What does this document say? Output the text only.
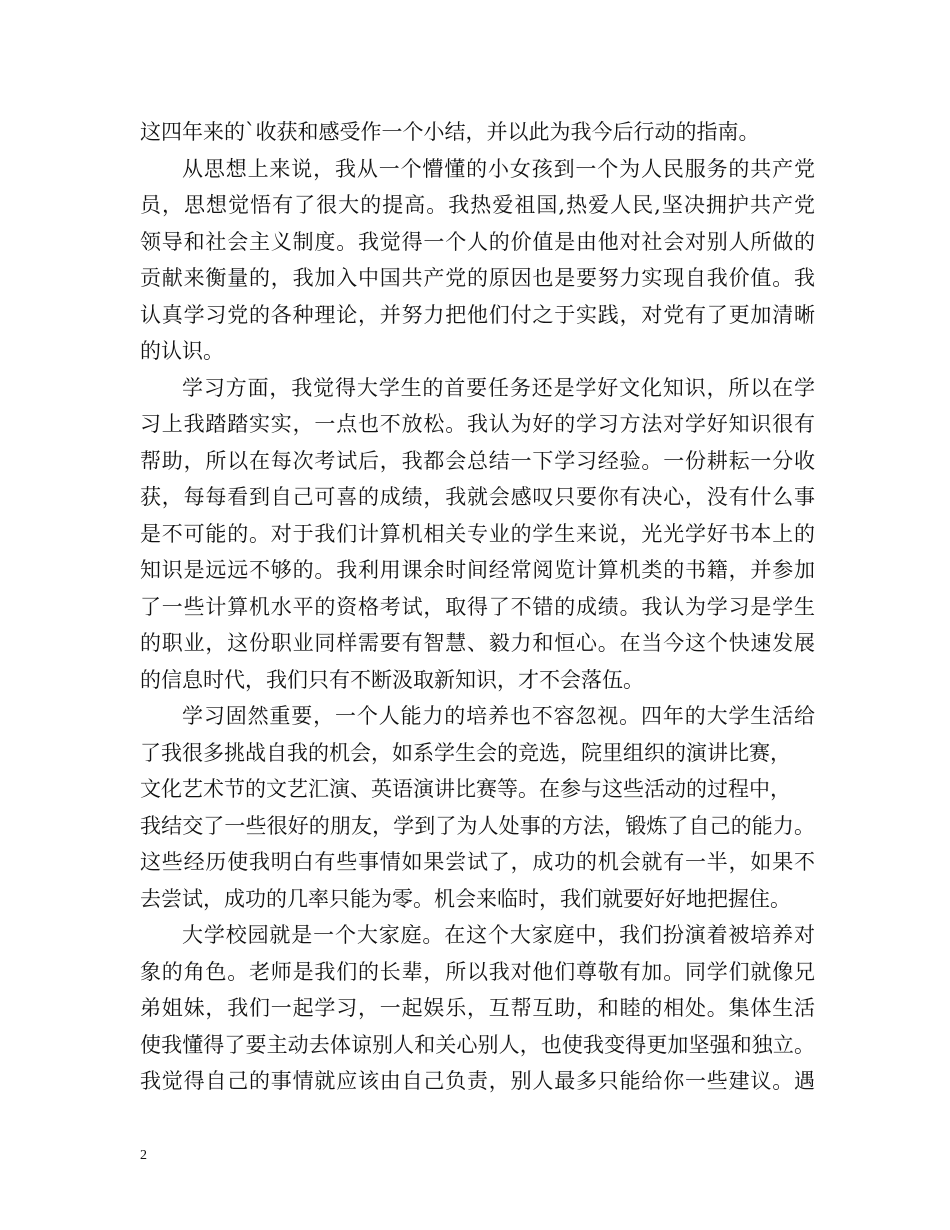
这四年来的`收获和感受作一个小结，并以此为我今后行动的指南。
从思想上来说，我从一个懵懂的小女孩到一个为人民服务的共产党
员，思想觉悟有了很大的提高。我热爱祖国,热爱人民,坚决拥护共产党
领导和社会主义制度。我觉得一个人的价值是由他对社会对别人所做的
贡献来衡量的，我加入中国共产党的原因也是要努力实现自我价值。我
认真学习党的各种理论，并努力把他们付之于实践，对党有了更加清晰
的认识。
学习方面，我觉得大学生的首要任务还是学好文化知识，所以在学
习上我踏踏实实，一点也不放松。我认为好的学习方法对学好知识很有
帮助，所以在每次考试后，我都会总结一下学习经验。一份耕耘一分收
获，每每看到自己可喜的成绩，我就会感叹只要你有决心，没有什么事
是不可能的。对于我们计算机相关专业的学生来说，光光学好书本上的
知识是远远不够的。我利用课余时间经常阅览计算机类的书籍，并参加
了一些计算机水平的资格考试，取得了不错的成绩。我认为学习是学生
的职业，这份职业同样需要有智慧、毅力和恒心。在当今这个快速发展
的信息时代，我们只有不断汲取新知识，才不会落伍。
学习固然重要，一个人能力的培养也不容忽视。四年的大学生活给
了我很多挑战自我的机会，如系学生会的竞选，院里组织的演讲比赛，
文化艺术节的文艺汇演、英语演讲比赛等。在参与这些活动的过程中，
我结交了一些很好的朋友，学到了为人处事的方法，锻炼了自己的能力。
这些经历使我明白有些事情如果尝试了，成功的机会就有一半，如果不
去尝试，成功的几率只能为零。机会来临时，我们就要好好地把握住。
大学校园就是一个大家庭。在这个大家庭中，我们扮演着被培养对
象的角色。老师是我们的长辈，所以我对他们尊敬有加。同学们就像兄
弟姐妹，我们一起学习，一起娱乐，互帮互助，和睦的相处。集体生活
使我懂得了要主动去体谅别人和关心别人，也使我变得更加坚强和独立。
我觉得自己的事情就应该由自己负责，别人最多只能给你一些建议。遇
2
